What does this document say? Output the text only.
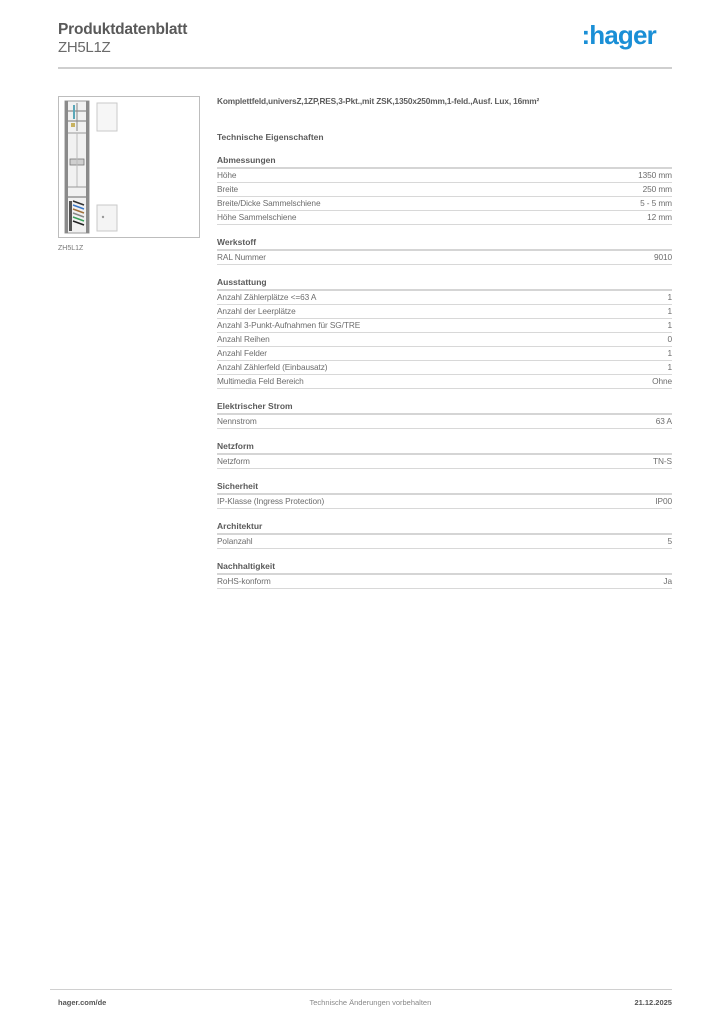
Produktdatenblatt
ZH5L1Z	:hager
ZH5L1Z
Komplettfeld,universZ,1ZP,RES,3-Pkt.,mit ZSK,1350x250mm,1-feld.,Ausf. Lux, 16mm²
Technische Eigenschaften
Abmessungen
Höhe	1350 mm
Breite	250 mm
Breite/Dicke Sammelschiene	5 - 5 mm
Höhe Sammelschiene	12 mm
Werkstoff
RAL Nummer	9010
Ausstattung
Anzahl Zählerplätze <=63 A	1
Anzahl der Leerplätze	1
Anzahl 3-Punkt-Aufnahmen für SG/TRE	1
Anzahl Reihen	0
Anzahl Felder	1
Anzahl Zählerfeld (Einbausatz)	1
Multimedia Feld Bereich	Ohne
Elektrischer Strom
Nennstrom	63 A
Netzform
Netzform	TN-S
Sicherheit
IP-Klasse (Ingress Protection)	IP00
Architektur
Polanzahl	5
Nachhaltigkeit
RoHS-konform	Ja
hager.com/de	Technische Änderungen vorbehalten	21.12.2025
